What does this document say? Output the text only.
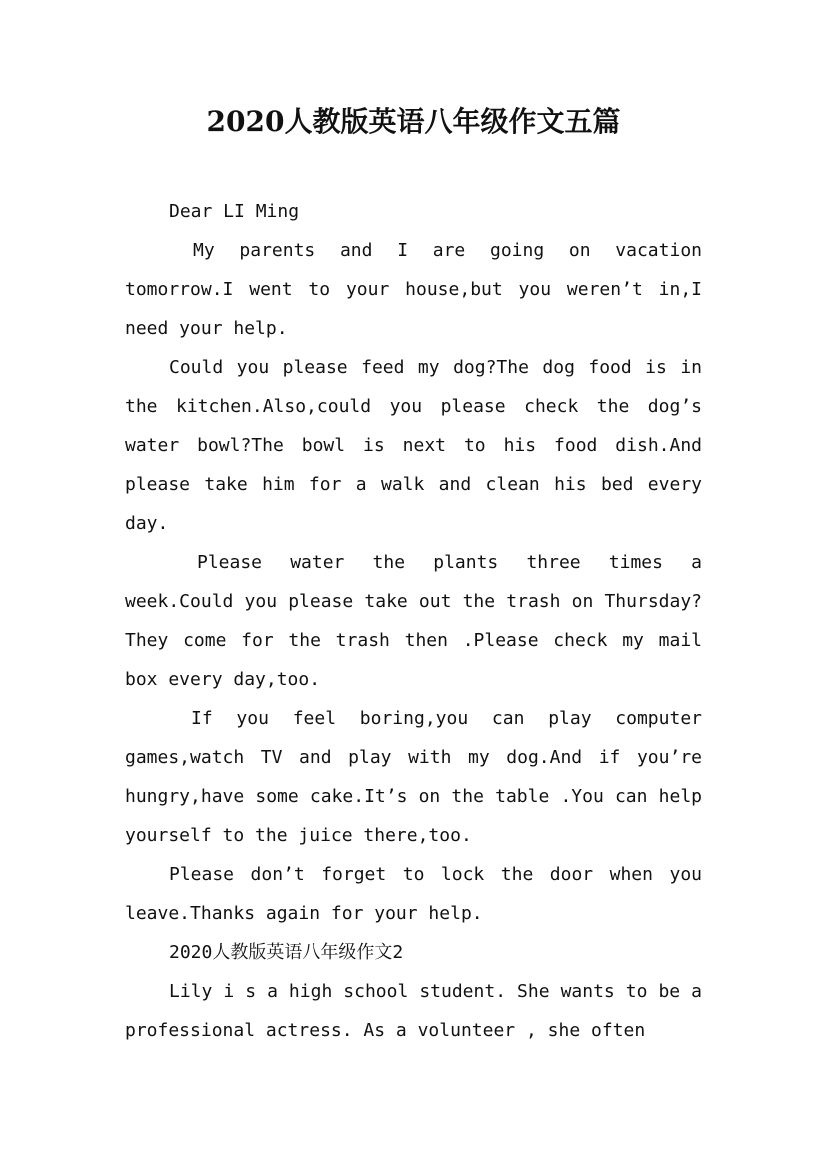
2020人教版英语八年级作文五篇

Dear LI Ming

My parents and I are going on vacation tomorrow.I went to your house,but you weren’t in,I need your help.

Could you please feed my dog?The dog food is in the kitchen.Also,could you please check the dog’s water bowl?The bowl is next to his food dish.And please take him for a walk and clean his bed every day.

Please water the plants three times a week.Could you please take out the trash on Thursday?They come for the trash then .Please check my mail box every day,too.

If you feel boring,you can play computer games,watch TV and play with my dog.And if you’re hungry,have some cake.It’s on the table .You can help yourself to the juice there,too.

Please don’t forget to lock the door when you leave.Thanks again for your help.

2020人教版英语八年级作文2

Lily i s a high school student. She wants to be a professional actress. As a volunteer , she often
